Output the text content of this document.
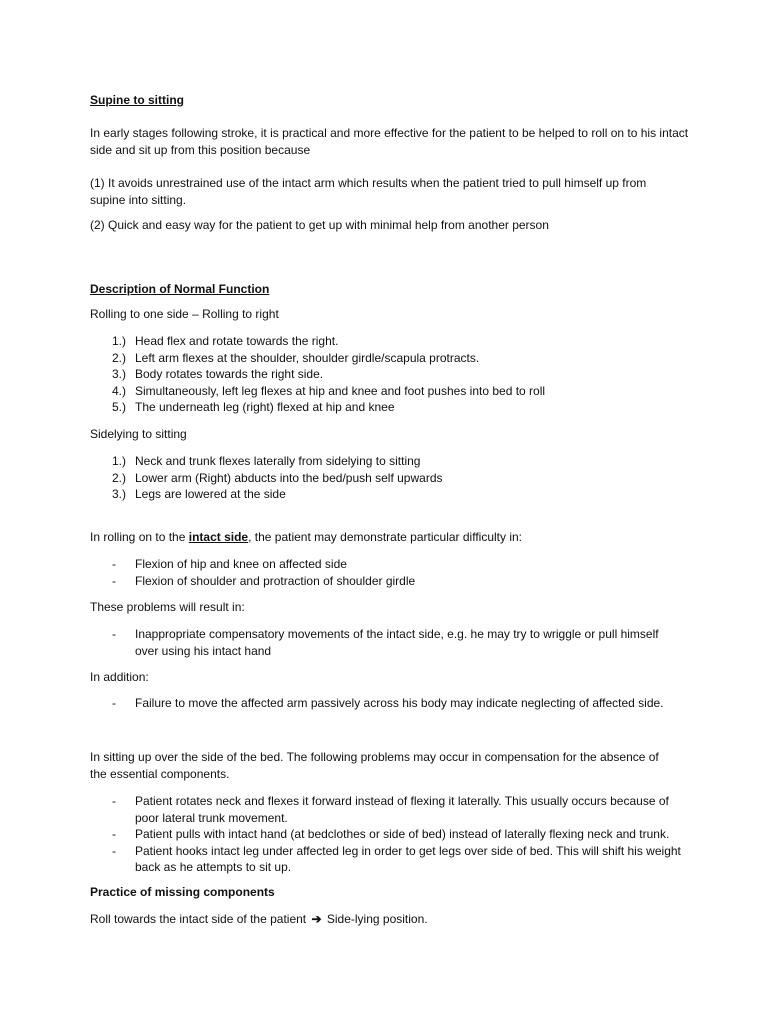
Supine to sitting

In early stages following stroke, it is practical and more effective for the patient to be helped to roll on to his intact side and sit up from this position because

(1) It avoids unrestrained use of the intact arm which results when the patient tried to pull himself up from supine into sitting.

(2) Quick and easy way for the patient to get up with minimal help from another person

Description of Normal Function

Rolling to one side – Rolling to right

1.) Head flex and rotate towards the right.
2.) Left arm flexes at the shoulder, shoulder girdle/scapula protracts.
3.) Body rotates towards the right side.
4.) Simultaneously, left leg flexes at hip and knee and foot pushes into bed to roll
5.) The underneath leg (right) flexed at hip and knee

Sidelying to sitting

1.) Neck and trunk flexes laterally from sidelying to sitting
2.) Lower arm (Right) abducts into the bed/push self upwards
3.) Legs are lowered at the side

In rolling on to the intact side, the patient may demonstrate particular difficulty in:

-	Flexion of hip and knee on affected side
-	Flexion of shoulder and protraction of shoulder girdle

These problems will result in:

-	Inappropriate compensatory movements of the intact side, e.g. he may try to wriggle or pull himself over using his intact hand

In addition:

-	Failure to move the affected arm passively across his body may indicate neglecting of affected side.

In sitting up over the side of the bed. The following problems may occur in compensation for the absence of the essential components.

-	Patient rotates neck and flexes it forward instead of flexing it laterally. This usually occurs because of poor lateral trunk movement.
-	Patient pulls with intact hand (at bedclothes or side of bed) instead of laterally flexing neck and trunk.
-	Patient hooks intact leg under affected leg in order to get legs over side of bed. This will shift his weight back as he attempts to sit up.

Practice of missing components

Roll towards the intact side of the patient ➔ Side-lying position.
